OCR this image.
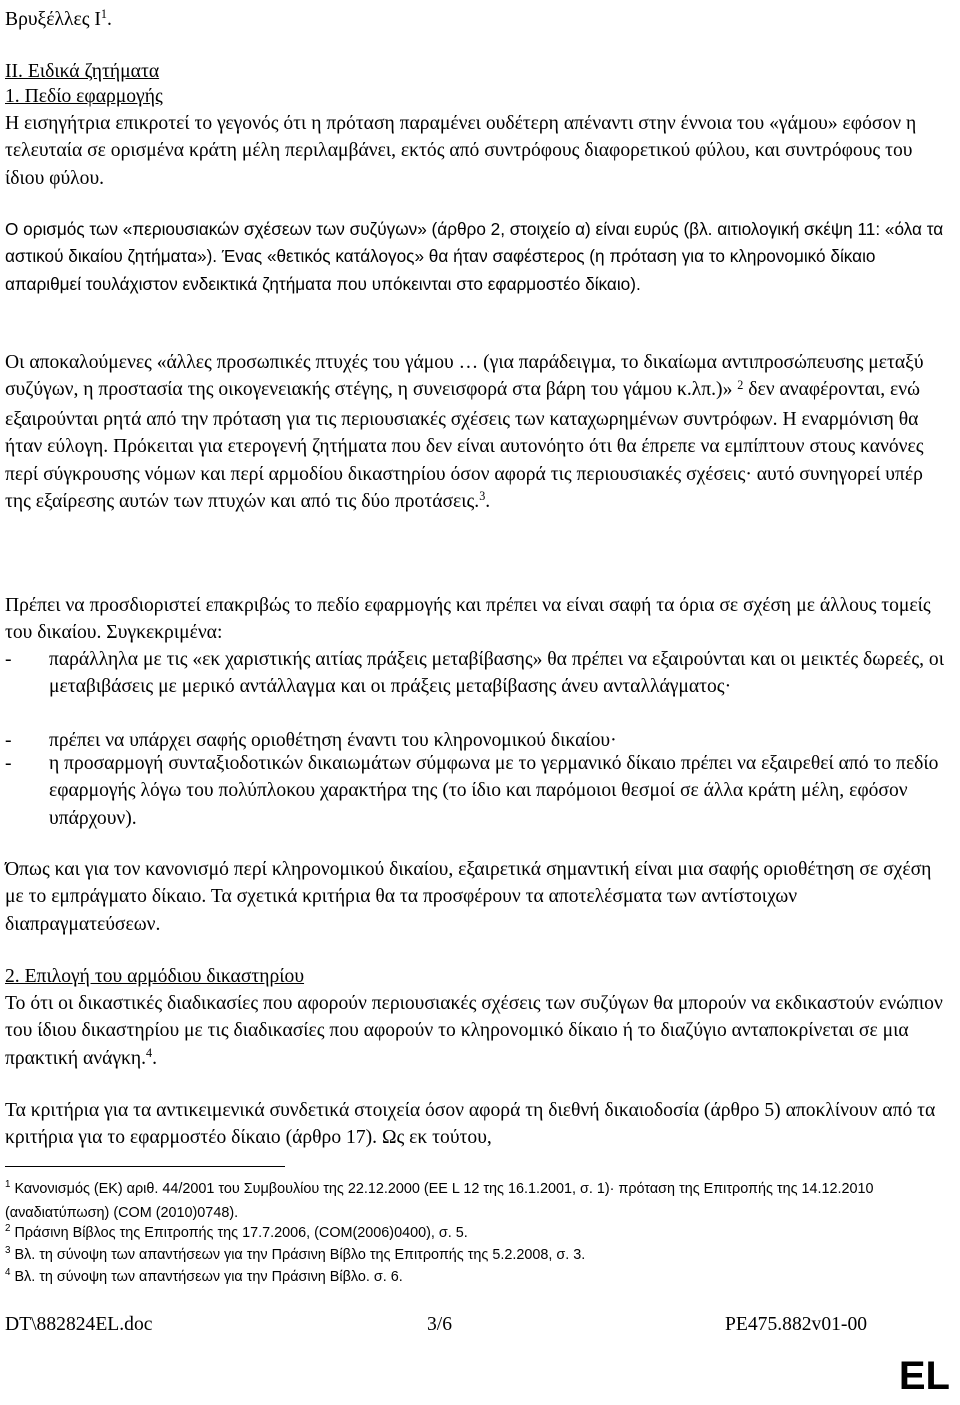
Βρυξέλλες $I^1$.

ΙΙ. Ειδικά ζητήματα

1. Πεδίο εφαρμογής

Η εισηγήτρια επικροτεί το γεγονός ότι η πρόταση παραμένει ουδέτερη απέναντι στην έννοια του «γάμου» εφόσον η τελευταία σε ορισμένα κράτη μέλη περιλαμβάνει, εκτός από συντρόφους διαφορετικού φύλου, και συντρόφους του ίδιου φύλου.

Ο ορισμός των «περιουσιακών σχέσεων των συζύγων» (άρθρο 2, στοιχείο α) είναι ευρύς (βλ. αιτιολογική σκέψη 11: «όλα τα αστικού δικαίου ζητήματα»). Ένας «θετικός κατάλογος» θα ήταν σαφέστερος (η πρόταση για το κληρονομικό δίκαιο απαριθμεί τουλάχιστον ενδεικτικά ζητήματα που υπόκεινται στο εφαρμοστέο δίκαιο).

Οι αποκαλούμενες «άλλες προσωπικές πτυχές του γάμου … (για παράδειγμα, το δικαίωμα αντιπροσώπευσης μεταξύ συζύγων, η προστασία της οικογενειακής στέγης, η συνεισφορά στα βάρη του γάμου κ.λπ.)» $^2$ δεν αναφέρονται, ενώ εξαιρούνται ρητά από την πρόταση για τις περιουσιακές σχέσεις των καταχωρημένων συντρόφων. Η εναρμόνιση θα ήταν εύλογη. Πρόκειται για ετερογενή ζητήματα που δεν είναι αυτονόητο ότι θα έπρεπε να εμπίπτουν στους κανόνες περί σύγκρουσης νόμων και περί αρμοδίου δικαστηρίου όσον αφορά τις περιουσιακές σχέσεις· αυτό συνηγορεί υπέρ της εξαίρεσης αυτών των πτυχών και από τις δύο προτάσεις.$^3$.

Πρέπει να προσδιοριστεί επακριβώς το πεδίο εφαρμογής και πρέπει να είναι σαφή τα όρια σε σχέση με άλλους τομείς του δικαίου. Συγκεκριμένα:

- παράλληλα με τις «εκ χαριστικής αιτίας πράξεις μεταβίβασης» θα πρέπει να εξαιρούνται και οι μεικτές δωρεές, οι μεταβιβάσεις με μερικό αντάλλαγμα και οι πράξεις μεταβίβασης άνευ ανταλλάγματος·
- πρέπει να υπάρχει σαφής οριοθέτηση έναντι του κληρονομικού δικαίου·
- η προσαρμογή συνταξιοδοτικών δικαιωμάτων σύμφωνα με το γερμανικό δίκαιο πρέπει να εξαιρεθεί από το πεδίο εφαρμογής λόγω του πολύπλοκου χαρακτήρα της (το ίδιο και παρόμοιοι θεσμοί σε άλλα κράτη μέλη, εφόσον υπάρχουν).

Όπως και για τον κανονισμό περί κληρονομικού δικαίου, εξαιρετικά σημαντική είναι μια σαφής οριοθέτηση σε σχέση με το εμπράγματο δίκαιο. Τα σχετικά κριτήρια θα τα προσφέρουν τα αποτελέσματα των αντίστοιχων διαπραγματεύσεων.

2. Επιλογή του αρμόδιου δικαστηρίου

Το ότι οι δικαστικές διαδικασίες που αφορούν περιουσιακές σχέσεις των συζύγων θα μπορούν να εκδικαστούν ενώπιον του ίδιου δικαστηρίου με τις διαδικασίες που αφορούν το κληρονομικό δίκαιο ή το διαζύγιο ανταποκρίνεται σε μια πρακτική ανάγκη.$^4$.

Τα κριτήρια για τα αντικειμενικά συνδετικά στοιχεία όσον αφορά τη διεθνή δικαιοδοσία (άρθρο 5) αποκλίνουν από τα κριτήρια για το εφαρμοστέο δίκαιο (άρθρο 17). Ως εκ τούτου,

$^1$ Κανονισμός (ΕΚ) αριθ. 44/2001 του Συμβουλίου της 22.12.2000 (ΕΕ L 12 της 16.1.2001, σ. 1)· πρόταση της Επιτροπής της 14.12.2010 (αναδιατύπωση) (COM (2010)0748).
$^2$ Πράσινη Βίβλος της Επιτροπής της 17.7.2006, (COM(2006)0400), σ. 5.
$^3$ Βλ. τη σύνοψη των απαντήσεων για την Πράσινη Βίβλο της Επιτροπής της 5.2.2008, σ. 3.
$^4$ Βλ. τη σύνοψη των απαντήσεων για την Πράσινη Βίβλο. σ. 6.
DT\882824EL.doc	3/6	PE475.882v01-00
EL
